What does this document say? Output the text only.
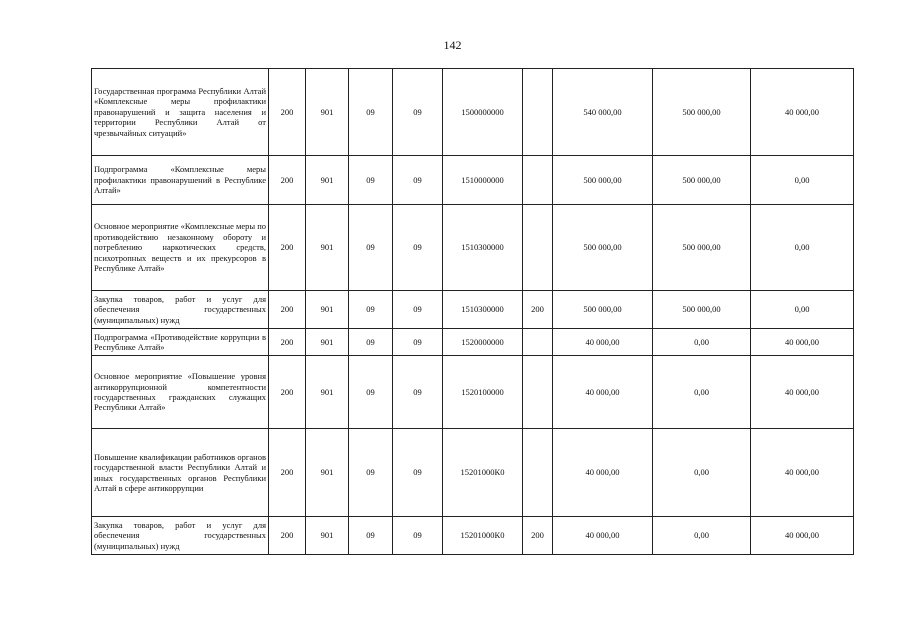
142
Государственная программа Республики Алтай «Комплексные меры профилактики правонарушений и защита населения и территории Республики Алтай от чрезвычайных ситуаций»	200	901	09	09	1500000000		540 000,00	500 000,00	40 000,00
Подпрограмма «Комплексные меры профилактики правонарушений в Республике Алтай»	200	901	09	09	1510000000		500 000,00	500 000,00	0,00
Основное мероприятие «Комплексные меры по противодействию незаконному обороту и потреблению наркотических средств, психотропных веществ и их прекурсоров в Республике Алтай»	200	901	09	09	1510300000		500 000,00	500 000,00	0,00
Закупка товаров, работ и услуг для обеспечения государственных (муниципальных) нужд	200	901	09	09	1510300000	200	500 000,00	500 000,00	0,00
Подпрограмма «Противодействие коррупции в Республике Алтай»	200	901	09	09	1520000000		40 000,00	0,00	40 000,00
Основное мероприятие «Повышение уровня антикоррупционной компетентности государственных гражданских служащих Республики Алтай»	200	901	09	09	1520100000		40 000,00	0,00	40 000,00
Повышение квалификации работников органов государственной власти Республики Алтай и иных государственных органов Республики Алтай в сфере антикоррупции	200	901	09	09	15201000К0		40 000,00	0,00	40 000,00
Закупка товаров, работ и услуг для обеспечения государственных (муниципальных) нужд	200	901	09	09	15201000К0	200	40 000,00	0,00	40 000,00
